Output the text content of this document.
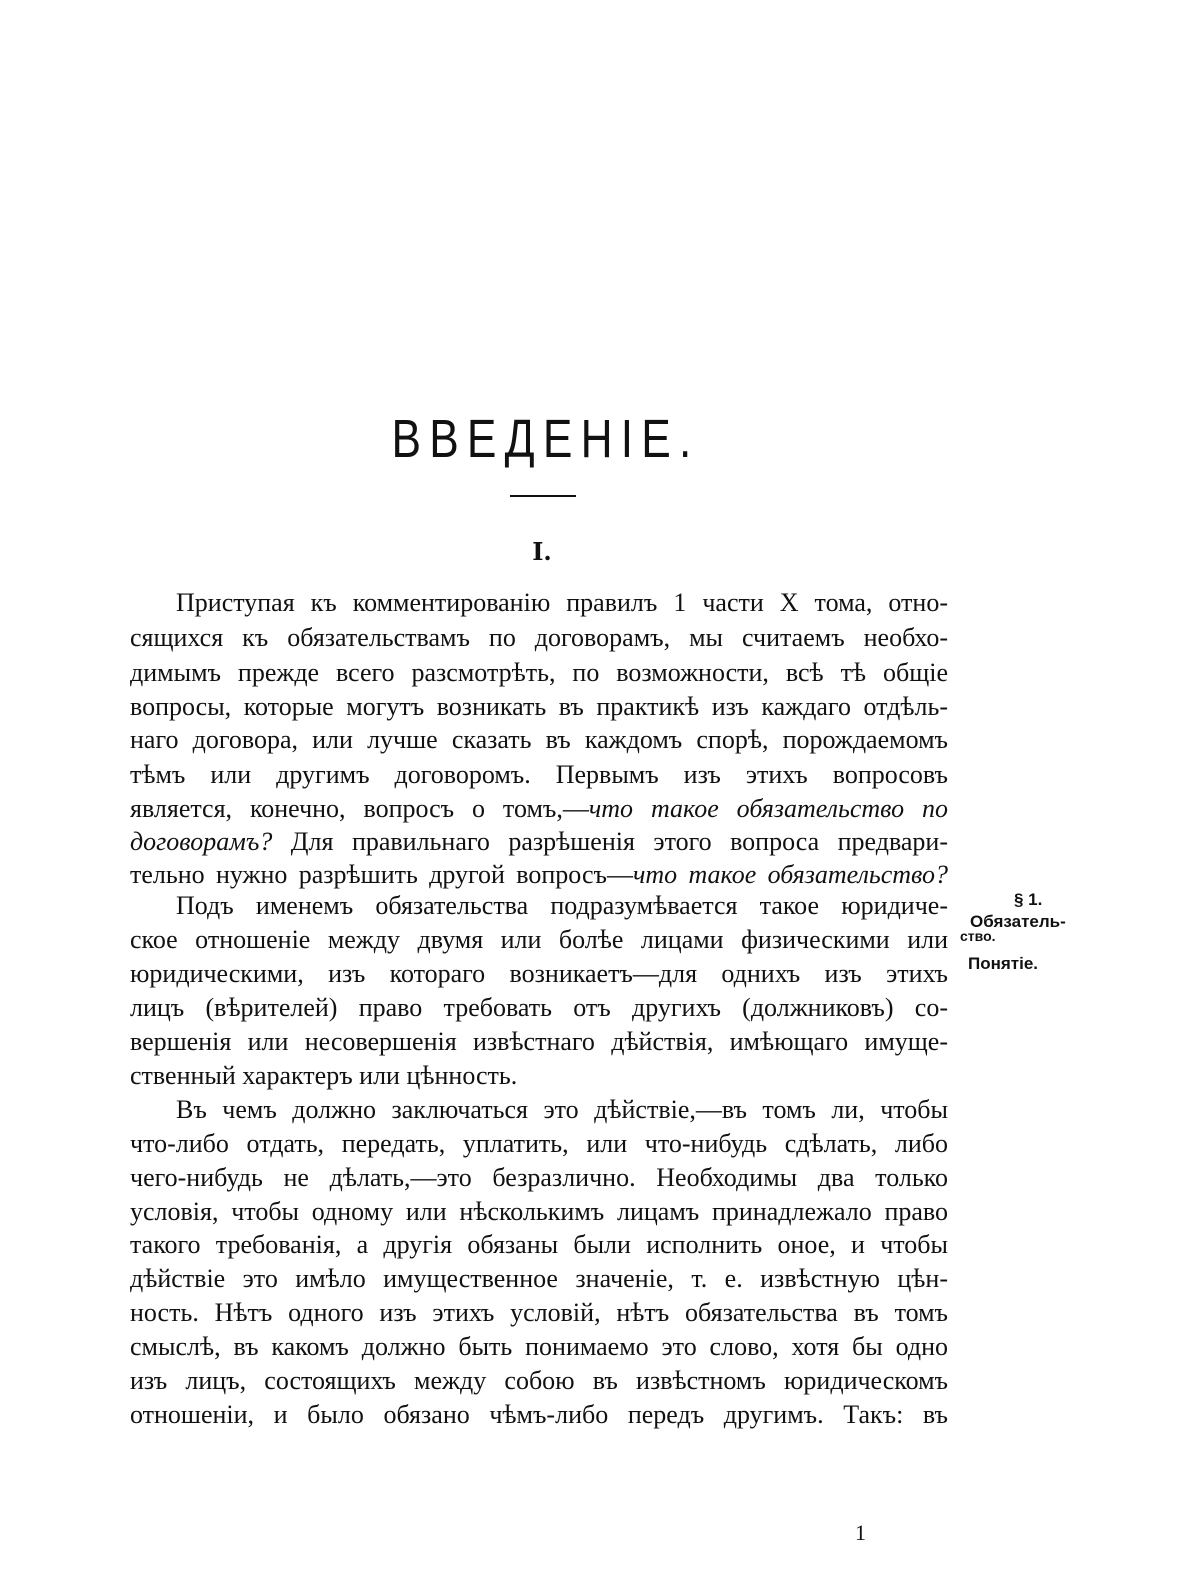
ВВЕДЕНIЕ.
I.
Приступая къ комментированію правилъ 1 части X тома, отно-
сящихся къ обязательствамъ по договорамъ, мы считаемъ необхо-
димымъ прежде всего разсмотрѣть, по возможности, всѣ тѣ общіе
вопросы, которые могутъ возникать въ практикѣ изъ каждаго отдѣль-
наго договора, или лучше сказать въ каждомъ спорѣ, порождаемомъ
тѣмъ или другимъ договоромъ. Первымъ изъ этихъ вопросовъ
является, конечно, вопросъ о томъ,—что такое обязательство по
договорамъ? Для правильнаго разрѣшенія этого вопроса предвари-
тельно нужно разрѣшить другой вопросъ—что такое обязательство?
Подъ именемъ обязательства подразумѣвается такое юридиче-
ское отношеніе между двумя или болѣе лицами физическими или
юридическими, изъ котораго возникаетъ—для однихъ изъ этихъ
лицъ (вѣрителей) право требовать отъ другихъ (должниковъ) со-
вершенія или несовершенія извѣстнаго дѣйствія, имѣющаго имуще-
ственный характеръ или цѣнность.
Въ чемъ должно заключаться это дѣйствіе,—въ томъ ли, чтобы
что-либо отдать, передать, уплатить, или что-нибудь сдѣлать, либо
чего-нибудь не дѣлать,—это безразлично. Необходимы два только
условія, чтобы одному или нѣсколькимъ лицамъ принадлежало право
такого требованія, а другія обязаны были исполнить оное, и чтобы
дѣйствіе это имѣло имущественное значеніе, т. е. извѣстную цѣн-
ность. Нѣтъ одного изъ этихъ условій, нѣтъ обязательства въ томъ
смыслѣ, въ какомъ должно быть понимаемо это слово, хотя бы одно
изъ лицъ, состоящихъ между собою въ извѣстномъ юридическомъ
отношеніи, и было обязано чѣмъ-либо передъ другимъ. Такъ: въ
§ 1.
Обязатель-
ство.
Понятіе.
1
